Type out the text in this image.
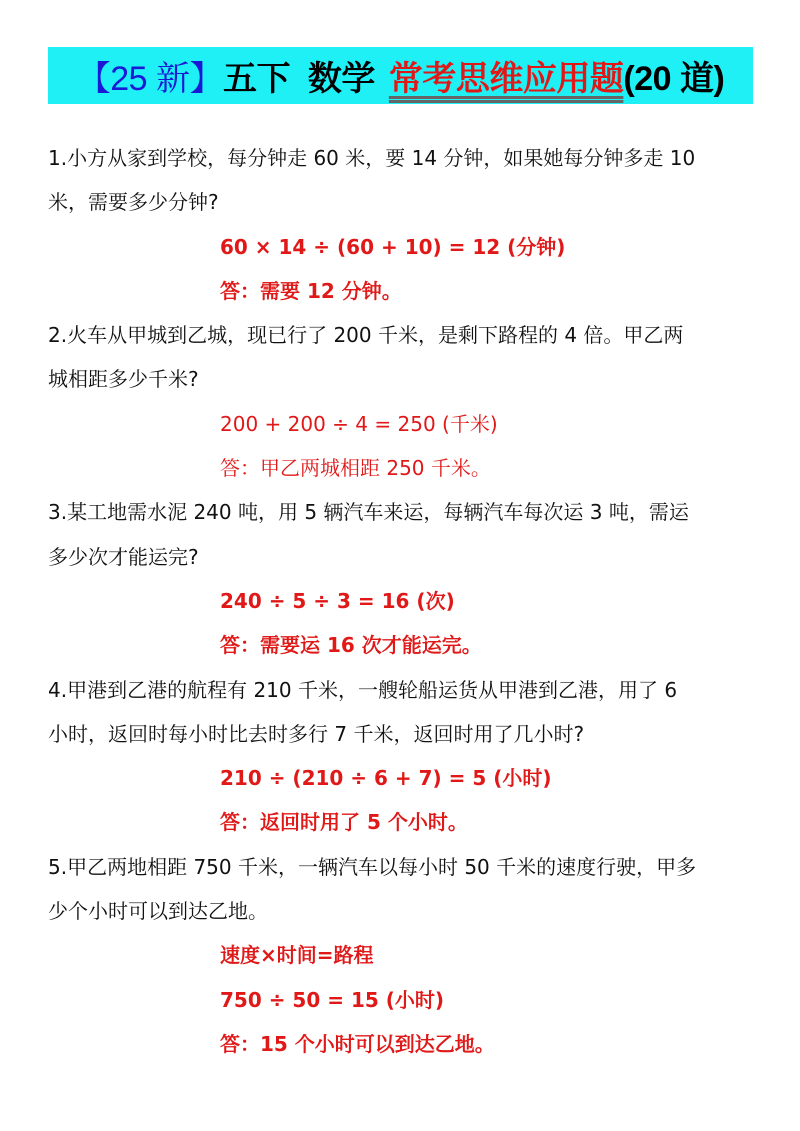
【25 新】 五下  数学 常考思维应用题 (20 道)
1.小方从家到学校，每分钟走 60 米，要 14 分钟，如果她每分钟多走 10
米，需要多少分钟?
60 × 14 ÷ (60 + 10) = 12 (分钟)
答：需要 12 分钟。
2.火车从甲城到乙城，现已行了 200 千米，是剩下路程的 4 倍。甲乙两
城相距多少千米?
200 + 200 ÷ 4 = 250 (千米)
答：甲乙两城相距 250 千米。
3.某工地需水泥 240 吨，用 5 辆汽车来运，每辆汽车每次运 3 吨，需运
多少次才能运完?
240 ÷ 5 ÷ 3 = 16 (次)
答：需要运 16 次才能运完。
4.甲港到乙港的航程有 210 千米，一艘轮船运货从甲港到乙港，用了 6
小时，返回时每小时比去时多行 7 千米，返回时用了几小时?
210 ÷ (210 ÷ 6 + 7) = 5 (小时)
答：返回时用了 5 个小时。
5.甲乙两地相距 750 千米，一辆汽车以每小时 50 千米的速度行驶，甲多
少个小时可以到达乙地。
速度×时间=路程
750 ÷ 50 = 15 (小时)
答：15 个小时可以到达乙地。
